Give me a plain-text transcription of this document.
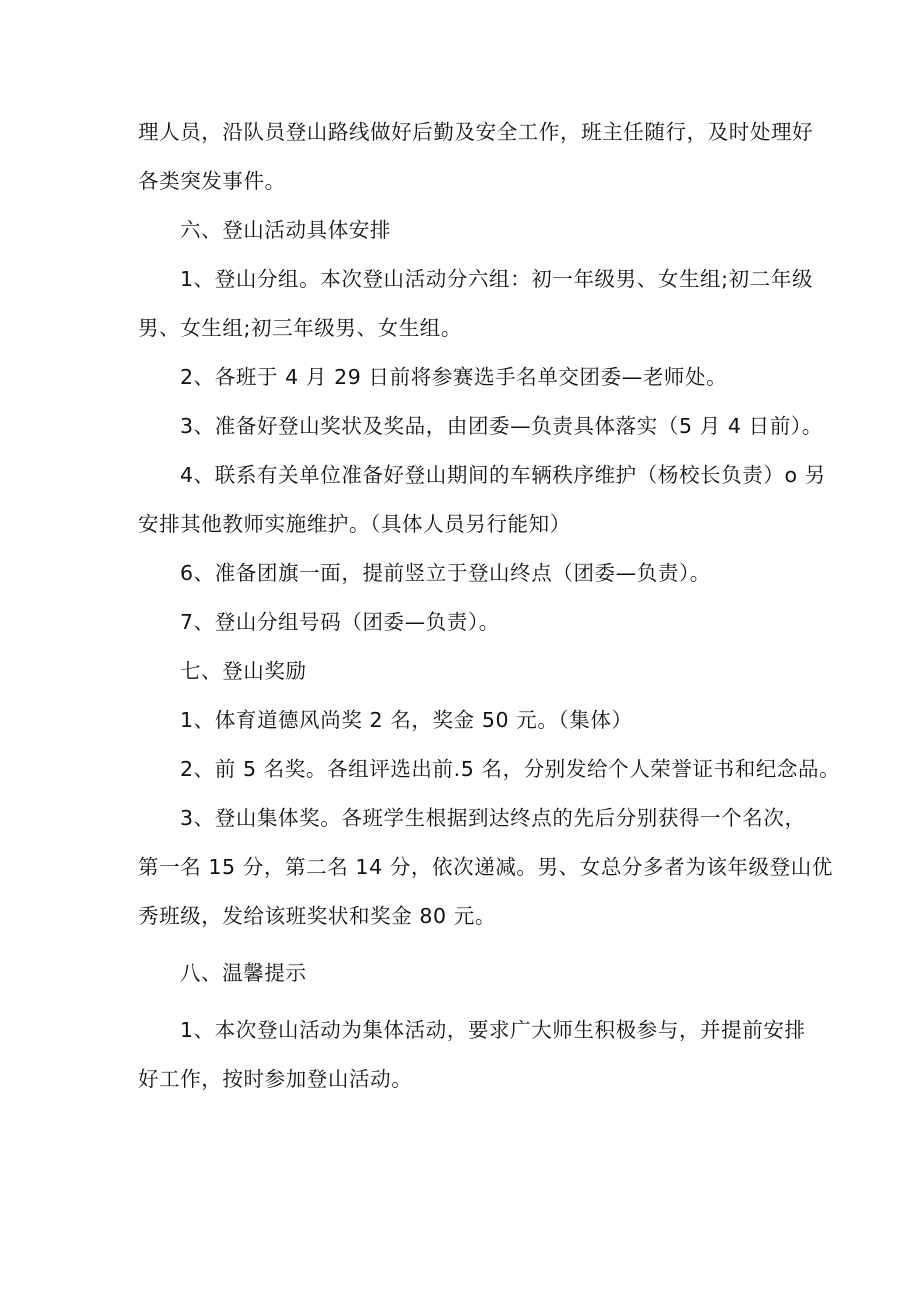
理人员，沿队员登山路线做好后勤及安全工作，班主任随行，及时处理好
各类突发事件。
六、登山活动具体安排
1、登山分组。本次登山活动分六组：初一年级男、女生组;初二年级
男、女生组;初三年级男、女生组。
2、各班于 4 月 29 日前将参赛选手名单交团委—老师处。
3、准备好登山奖状及奖品，由团委—负责具体落实（5 月 4 日前）。
4、联系有关单位准备好登山期间的车辆秩序维护（杨校长负责）o 另
安排其他教师实施维护。（具体人员另行能知）
6、准备团旗一面，提前竖立于登山终点（团委—负责）。
7、登山分组号码（团委—负责）。
七、登山奖励
1、体育道德风尚奖 2 名，奖金 50 元。（集体）
2、前 5 名奖。各组评选出前.5 名，分别发给个人荣誉证书和纪念品。
3、登山集体奖。各班学生根据到达终点的先后分别获得一个名次，
第一名 15 分，第二名 14 分，依次递减。男、女总分多者为该年级登山优
秀班级，发给该班奖状和奖金 80 元。
八、温馨提示
1、本次登山活动为集体活动，要求广大师生积极参与，并提前安排
好工作，按时参加登山活动。
